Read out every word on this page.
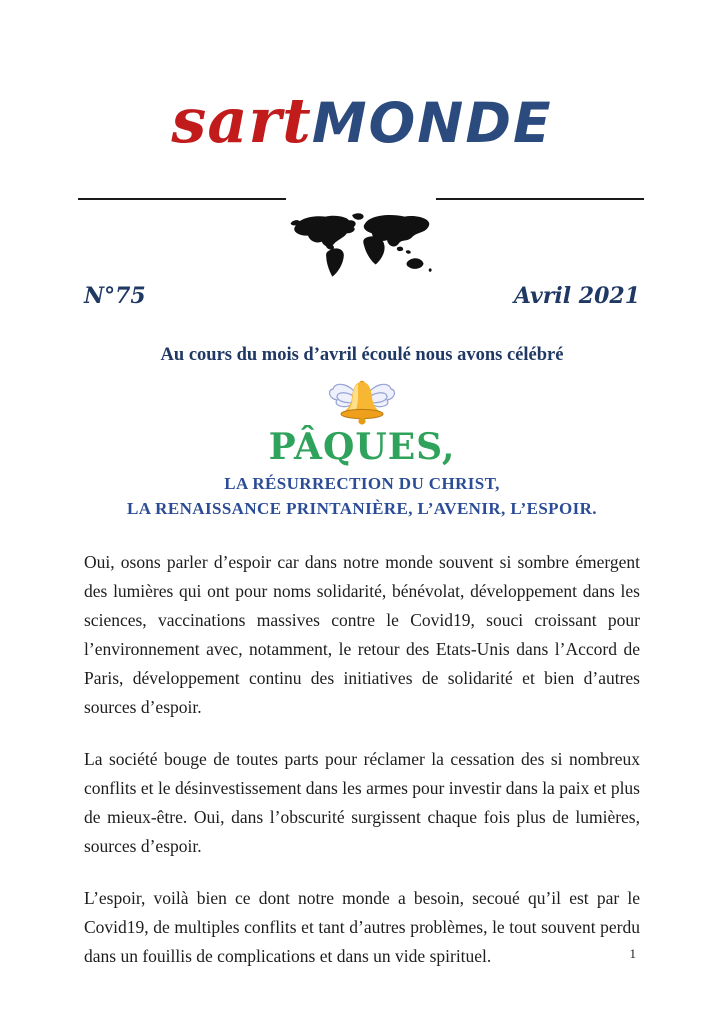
sartMONDE
N°75	Avril 2021

Au cours du mois d’avril écoulé nous avons célébré

PÂQUES,

LA RÉSURRECTION DU CHRIST,

LA RENAISSANCE PRINTANIÈRE, L’AVENIR, L’ESPOIR.

Oui, osons parler d’espoir car dans notre monde souvent si sombre émergent des lumières qui ont pour noms solidarité, bénévolat, développement dans les sciences, vaccinations massives contre le Covid19, souci croissant pour l’environnement avec, notamment, le retour des Etats-Unis dans l’Accord de Paris, développement continu des initiatives de solidarité et bien d’autres sources d’espoir.

La société bouge de toutes parts pour réclamer la cessation des si nombreux conflits et le désinvestissement dans les armes pour investir dans la paix et plus de mieux-être. Oui, dans l’obscurité surgissent chaque fois plus de lumières, sources d’espoir.

L’espoir, voilà bien ce dont notre monde a besoin, secoué qu’il est par le Covid19, de multiples conflits et tant d’autres problèmes, le tout souvent perdu dans un fouillis de complications et dans un vide spirituel.	1
